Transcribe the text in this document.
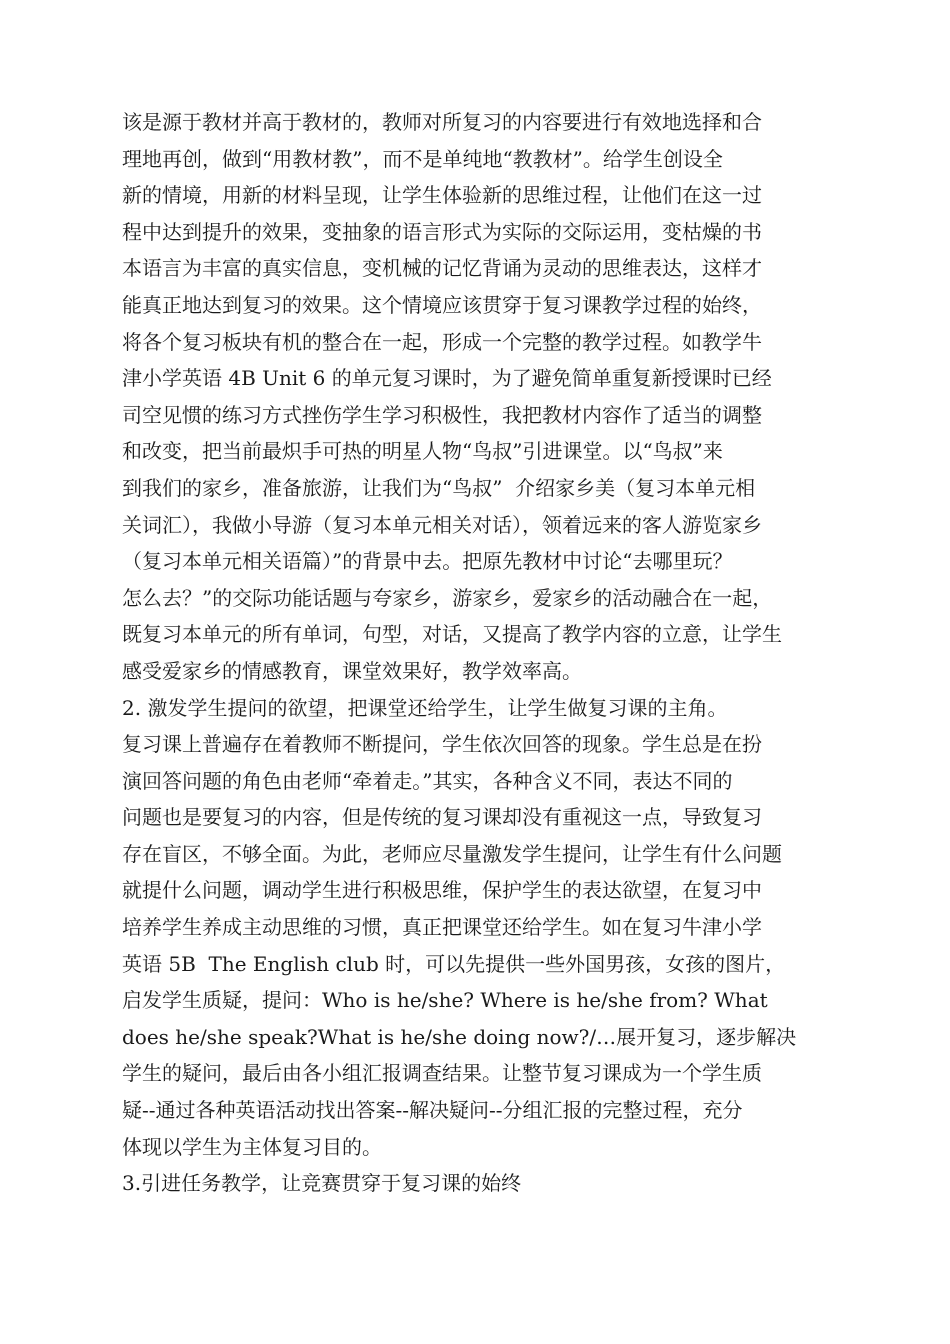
该是源于教材并高于教材的，教师对所复习的内容要进行有效地选择和合
理地再创，做到“用教材教”，而不是单纯地“教教材”。给学生创设全
新的情境，用新的材料呈现，让学生体验新的思维过程，让他们在这一过
程中达到提升的效果，变抽象的语言形式为实际的交际运用，变枯燥的书
本语言为丰富的真实信息，变机械的记忆背诵为灵动的思维表达，这样才
能真正地达到复习的效果。这个情境应该贯穿于复习课教学过程的始终，
将各个复习板块有机的整合在一起，形成一个完整的教学过程。如教学牛
津小学英语 4B Unit 6 的单元复习课时，为了避免简单重复新授课时已经
司空见惯的练习方式挫伤学生学习积极性，我把教材内容作了适当的调整
和改变，把当前最炽手可热的明星人物“鸟叔”引进课堂。以“鸟叔”来
到我们的家乡，准备旅游，让我们为“鸟叔”  介绍家乡美（复习本单元相
关词汇），我做小导游（复习本单元相关对话），领着远来的客人游览家乡
（复习本单元相关语篇）”的背景中去。把原先教材中讨论“去哪里玩？
怎么去？”的交际功能话题与夸家乡，游家乡，爱家乡的活动融合在一起，
既复习本单元的所有单词，句型，对话，又提高了教学内容的立意，让学生
感受爱家乡的情感教育，课堂效果好，教学效率高。
2. 激发学生提问的欲望，把课堂还给学生，让学生做复习课的主角。
复习课上普遍存在着教师不断提问，学生依次回答的现象。学生总是在扮
演回答问题的角色由老师“牵着走。”其实，各种含义不同，表达不同的
问题也是要复习的内容，但是传统的复习课却没有重视这一点，导致复习
存在盲区，不够全面。为此，老师应尽量激发学生提问，让学生有什么问题
就提什么问题，调动学生进行积极思维，保护学生的表达欲望，在复习中
培养学生养成主动思维的习惯，真正把课堂还给学生。如在复习牛津小学
英语 5B  The English club 时，可以先提供一些外国男孩，女孩的图片，
启发学生质疑，提问：Who is he/she? Where is he/she from? What
does he/she speak?What is he/she doing now?/…展开复习，逐步解决
学生的疑问，最后由各小组汇报调查结果。让整节复习课成为一个学生质
疑--通过各种英语活动找出答案--解决疑问--分组汇报的完整过程，充分
体现以学生为主体复习目的。
3.引进任务教学，让竞赛贯穿于复习课的始终
